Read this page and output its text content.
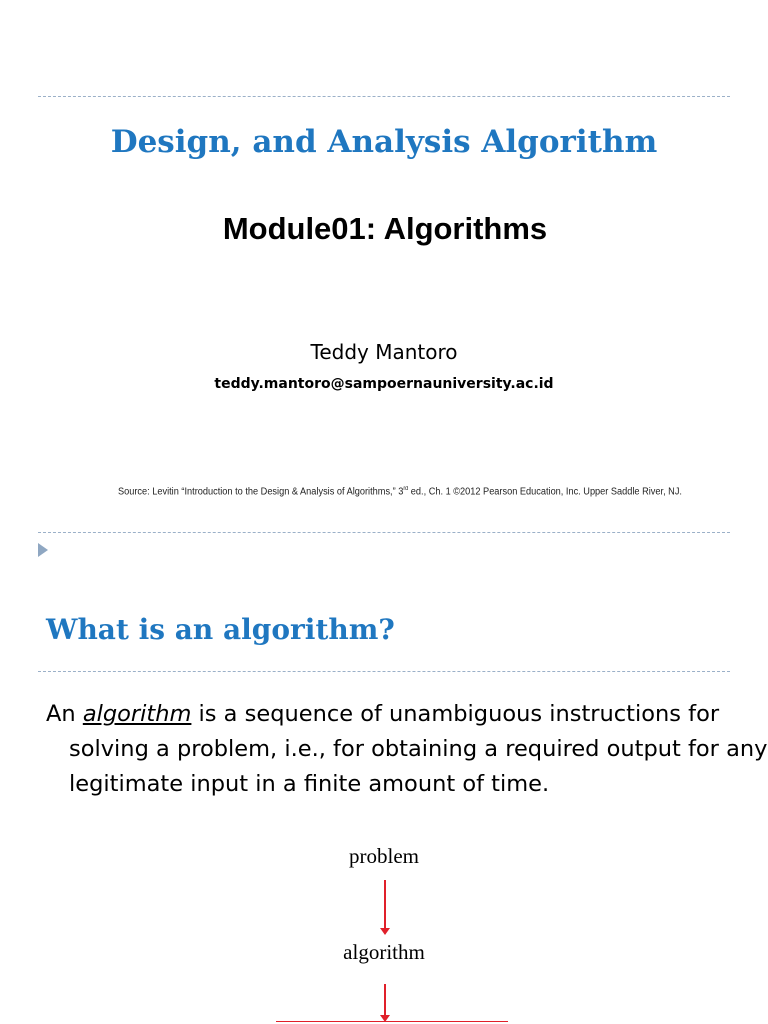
Design, and Analysis Algorithm
Module01: Algorithms
Teddy Mantoro
teddy.mantoro@sampoernauniversity.ac.id
Source: Levitin “Introduction to the Design & Analysis of Algorithms,” 3rd ed., Ch. 1 ©2012 Pearson Education, Inc. Upper Saddle River, NJ.
What is an algorithm?

An algorithm is a sequence of unambiguous instructions for solving a problem, i.e., for obtaining a required output for any legitimate input in a finite amount of time.

problem
algorithm
